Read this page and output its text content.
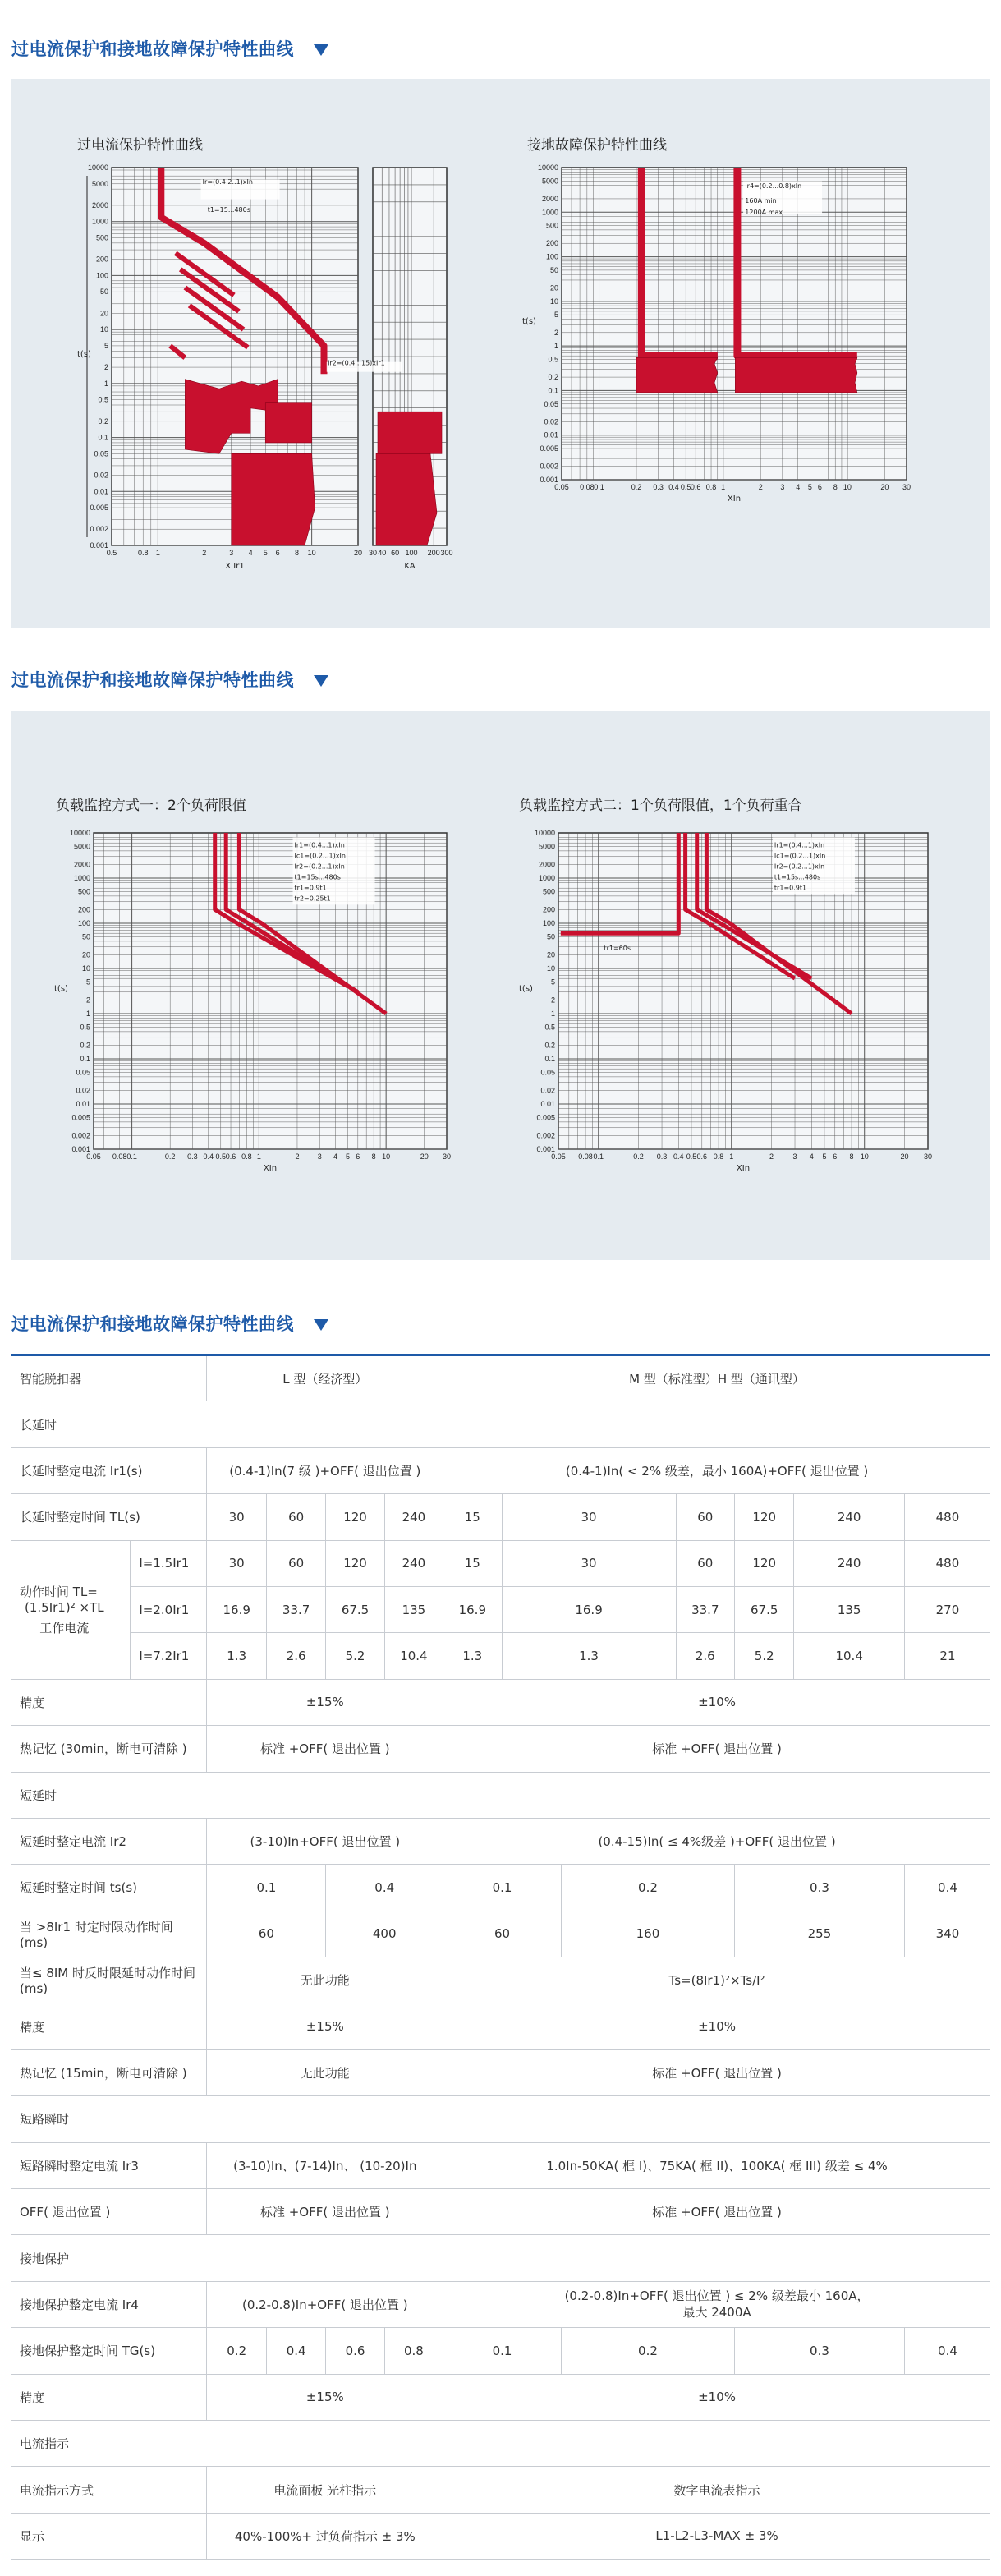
过电流保护和接地故障保护特性曲线
过电流保护特性曲线	接地故障保护特性曲线
10000
5000
2000
1000
500
200
100
50
20
10
5
2
1
0.5
0.2
0.1
0.05
0.02
0.01
0.005
0.002
0.001
0.5	0.8 1	2	3 4 5 6 8 10	20 30 40 60 100 200 300
X Ir1	KA
t(s)
Ir=(0.4 2..1)xIn
t1=15...480s
Ir2=(0.4...15)xIr1
10000
5000
2000
1000
500
200
100
50
20
10
5
2
1
0.5
0.2
0.1
0.05
0.02
0.01
0.005
0.002
0.001
0.05 0.08 0.1	0.2 0.3 0.4 0.5 0.6 0.8 1	2 3 4 5 6 8 10	20 30
XIn
t(s)
Ir4=(0.2...0.8)xIn
160A min
1200A max
过电流保护和接地故障保护特性曲线
负载监控方式一：2个负荷限值	负载监控方式二：1个负荷限值，1个负荷重合
10000
5000
2000
1000
500
200
100
50
20
10
5
2
1
0.5
0.2
0.1
0.05
0.02
0.01
0.005
0.002
0.001
0.05 0.08 0.1	0.2 0.3 0.4 0.5 0.6 0.8 1	2 3 4 5 6 8 10	20 30
XIn
t(s)
Ir1=(0.4...1)xIn
Ic1=(0.2...1)xIn
Ir2=(0.2...1)xIn
t1=15s...480s
tr1=0.9t1
tr2=0.25t1
10000
5000
2000
1000
500
200
100
50
20
10
5
2
1
0.5
0.2
0.1
0.05
0.02
0.01
0.005
0.002
0.001
0.05 0.08 0.1	0.2 0.3 0.4 0.5 0.6 0.8 1	2	3 4 5 6 8 10	20 30
XIn
t(s)
Ir1=(0.4...1)xIn
Ic1=(0.2...1)xIn
Ir2=(0.2...1)xIn
t1=15s...480s
tr1=0.9t1
tr1=60s
过电流保护和接地故障保护特性曲线
智能脱扣器		L 型（经济型）				M 型（标准型）H 型（通讯型）						
长延时												
长延时整定电流 Ir1(s)		(0.4-1)In(7 级 )+OFF( 退出位置 )				(0.4-1)In( < 2% 级差，最小 160A)+OFF( 退出位置 )						
长延时整定时间 TL(s)		30	60	120	240	15	30		60	120	240	480
动作时间 TL=
$\frac{\text{(1.5Ir1)² ×TL}}{\text{工作电流}}$	I=1.5Ir1	30	60	120	240	15	30		60	120	240	480
	I=2.0Ir1	16.9	33.7	67.5	135	16.9	16.9		33.7	67.5	135	270
	I=7.2Ir1	1.3	2.6	5.2	10.4	1.3	1.3		2.6	5.2	10.4	21
精度		±15%				±10%						
热记忆 (30min，断电可清除 )		标准 +OFF( 退出位置 )				标准 +OFF( 退出位置 )						
短延时												
短延时整定电流 Ir2		(3-10)In+OFF( 退出位置 )				(0.4-15)In( ≤ 4%级差 )+OFF( 退出位置 )						
短延时整定时间 ts(s)		0.1		0.4		0.1		0.2		0.3		0.4
当 >8Ir1 时定时限动作时间 (ms)		60		400		60		160		255		340
当≤ 8IM 时反时限延时动作时间 (ms)		无此功能				Ts=(8Ir1)²×Ts/I²						
精度		±15%				±10%						
热记忆 (15min，断电可清除 )		无此功能				标准 +OFF( 退出位置 )						
短路瞬时												
短路瞬时整定电流 Ir3		(3-10)In、(7-14)In、 (10-20)In				1.0In-50KA( 框 I)、75KA( 框 II)、100KA( 框 III) 级差 ≤ 4%						
OFF( 退出位置 )		标准 +OFF( 退出位置 )				标准 +OFF( 退出位置 )						
接地保护												
接地保护整定电流 Ir4		(0.2-0.8)In+OFF( 退出位置 )				(0.2-0.8)In+OFF( 退出位置 ) ≤ 2% 级差最小 160A，
最大 2400A						

接地保护整定时间 TG(s)		0.2	0.4	0.6	0.8	0.1		0.2		0.3		0.4
精度		±15%				±10%						
电流指示												
电流指示方式		电流面板 光柱指示				数字电流表指示						
显示		40%-100%+ 过负荷指示 ± 3%				L1-L2-L3-MAX ± 3%						
